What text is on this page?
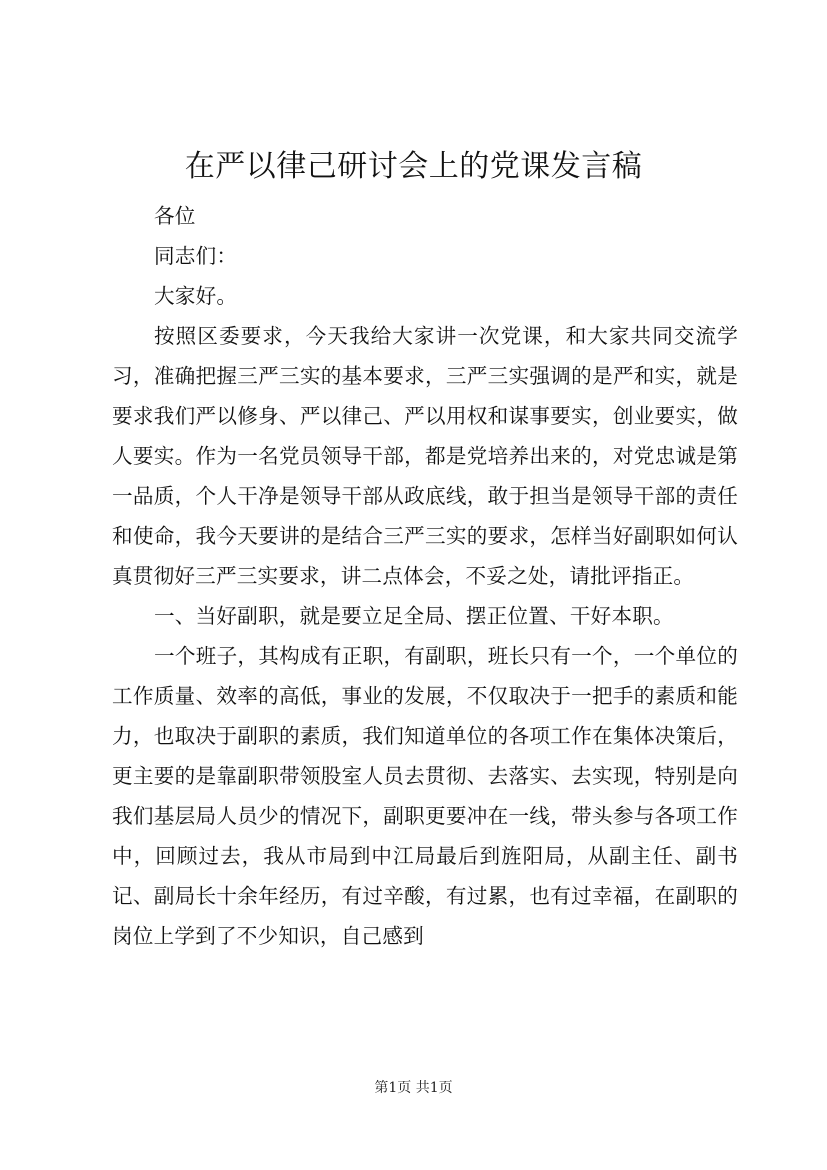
在严以律己研讨会上的党课发言稿

各位

同志们：

大家好。

按照区委要求，今天我给大家讲一次党课，和大家共同交流学习，准确把握三严三实的基本要求，三严三实强调的是严和实，就是要求我们严以修身、严以律己、严以用权和谋事要实，创业要实，做人要实。作为一名党员领导干部，都是党培养出来的，对党忠诚是第一品质，个人干净是领导干部从政底线，敢于担当是领导干部的责任和使命，我今天要讲的是结合三严三实的要求，怎样当好副职如何认真贯彻好三严三实要求，讲二点体会，不妥之处，请批评指正。

一、当好副职，就是要立足全局、摆正位置、干好本职。

一个班子，其构成有正职，有副职，班长只有一个，一个单位的工作质量、效率的高低，事业的发展，不仅取决于一把手的素质和能力，也取决于副职的素质，我们知道单位的各项工作在集体决策后，更主要的是靠副职带领股室人员去贯彻、去落实、去实现，特别是向我们基层局人员少的情况下，副职更要冲在一线，带头参与各项工作中，回顾过去，我从市局到中江局最后到旌阳局，从副主任、副书记、副局长十余年经历，有过辛酸，有过累，也有过幸福，在副职的岗位上学到了不少知识，自己感到

第1页 共1页
